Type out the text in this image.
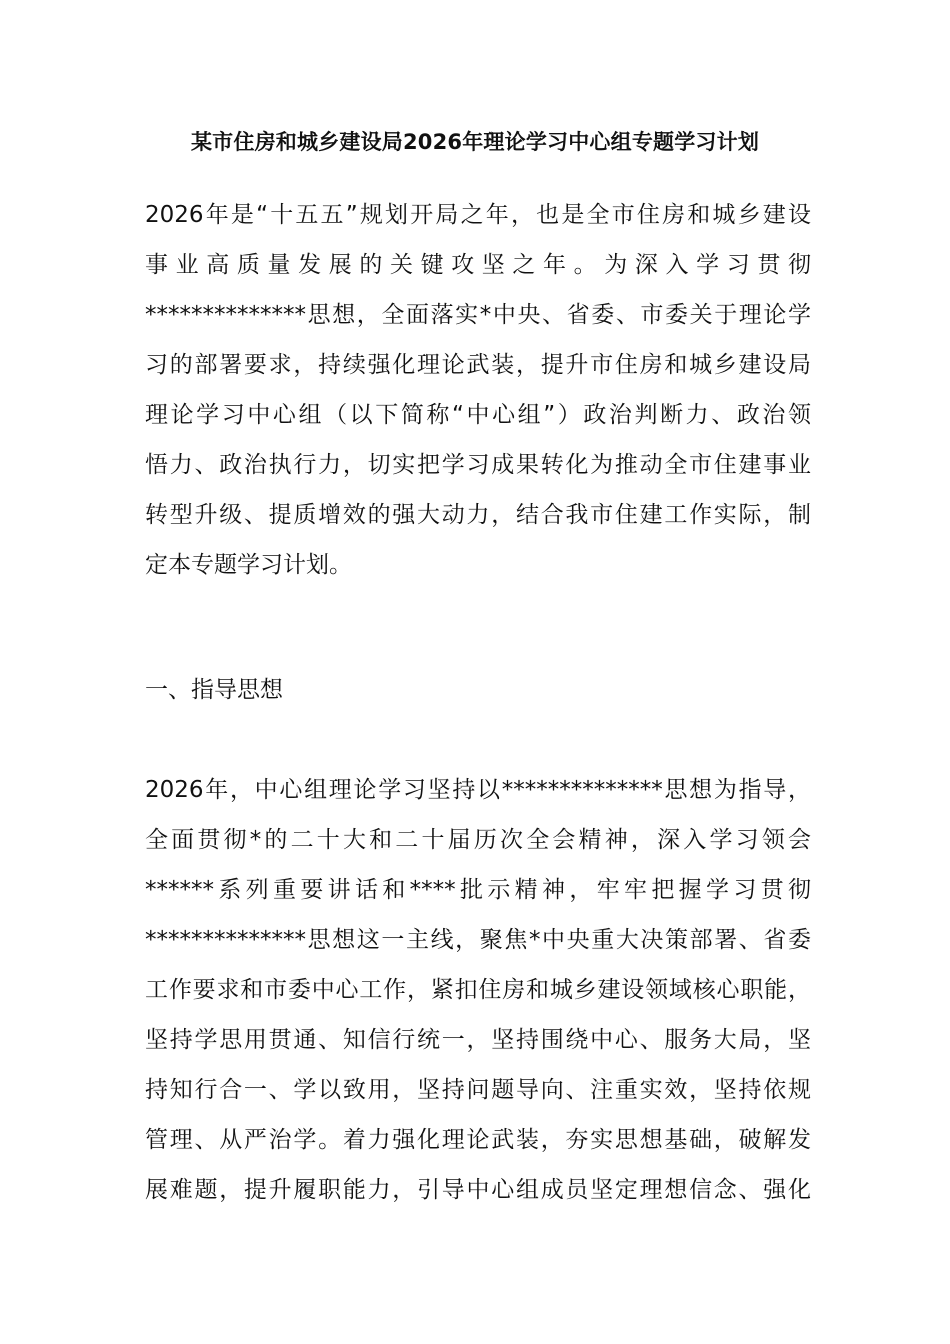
某市住房和城乡建设局2026年理论学习中心组专题学习计划
2026年是“十五五”规划开局之年，也是全市住房和城乡建设
事业高质量发展的关键攻坚之年。为深入学习贯彻
**************思想，全面落实*中央、省委、市委关于理论学
习的部署要求，持续强化理论武装，提升市住房和城乡建设局
理论学习中心组（以下简称“中心组”）政治判断力、政治领
悟力、政治执行力，切实把学习成果转化为推动全市住建事业
转型升级、提质增效的强大动力，结合我市住建工作实际，制
定本专题学习计划。
一、指导思想
2026年，中心组理论学习坚持以**************思想为指导，
全面贯彻*的二十大和二十届历次全会精神，深入学习领会
******系列重要讲话和****批示精神，牢牢把握学习贯彻
**************思想这一主线，聚焦*中央重大决策部署、省委
工作要求和市委中心工作，紧扣住房和城乡建设领域核心职能，
坚持学思用贯通、知信行统一，坚持围绕中心、服务大局，坚
持知行合一、学以致用，坚持问题导向、注重实效，坚持依规
管理、从严治学。着力强化理论武装，夯实思想基础，破解发
展难题，提升履职能力，引导中心组成员坚定理想信念、强化
